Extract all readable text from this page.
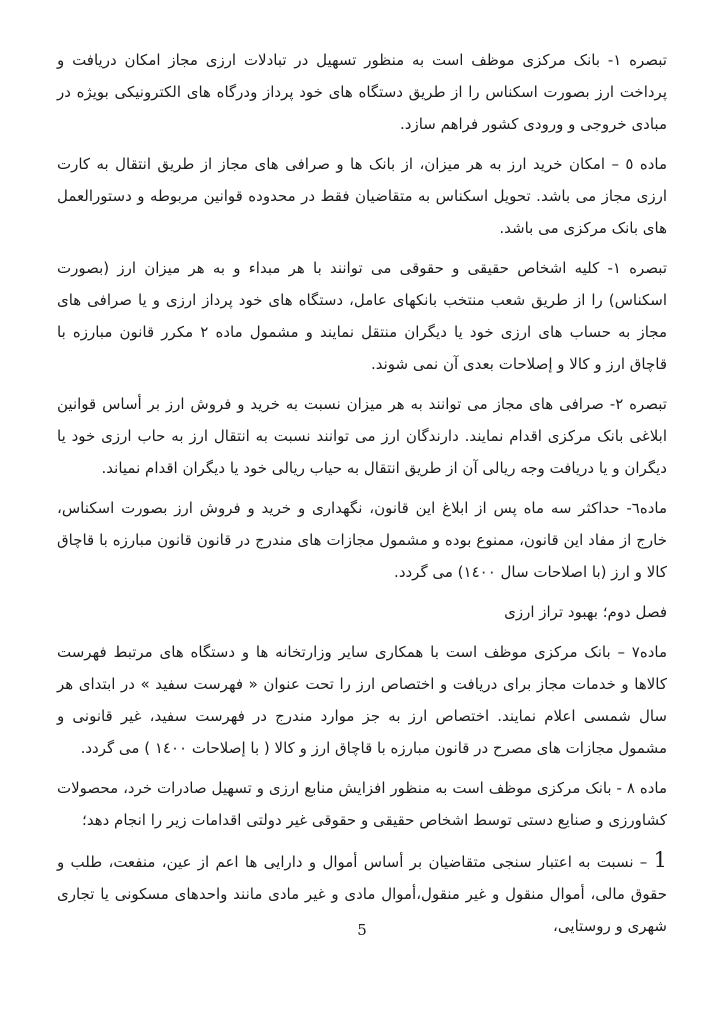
تبصره ١- بانک مرکزی موظف است به منظور تسهیل در تبادلات ارزی مجاز امکان دریافت و پرداخت ارز بصورت اسکناس را از طریق دستگاه های خود پرداز ودرگاه های الکترونیکی بویژه در مبادی خروجی و ورودی کشور فراهم سازد.

ماده ٥ – امکان خرید ارز به هر میزان، از بانک ها و صرافی های مجاز از طریق انتقال به کارت ارزی مجاز می باشد. تحویل اسکناس به متقاضیان فقط در محدوده قوانین مربوطه و دستورالعمل های بانک مرکزی می باشد.

تبصره ١- کلیه اشخاص حقیقی و حقوقی می توانند با هر مبداء و به هر میزان ارز (بصورت اسکناس) را از طریق شعب منتخب بانکهای عامل، دستگاه های خود پرداز ارزی و یا صرافی های مجاز به حساب های ارزی خود یا دیگران منتقل نمایند و مشمول ماده ٢ مکرر قانون مبارزه با قاچاق ارز و کالا و إصلاحات بعدی آن نمی شوند.

تبصره ٢- صرافی های مجاز می توانند به هر میزان نسبت به خرید و فروش ارز بر أساس قوانین ابلاغی بانک مرکزی اقدام نمایند. دارندگان ارز می توانند نسبت به انتقال ارز به حاب ارزی خود یا دیگران و یا دریافت وجه ریالی آن از طریق انتقال به حیاب ریالی خود یا دیگران اقدام نمیاند.

ماده٦- حداکثر سه ماه پس از ابلاغ این قانون، نگهداری و خرید و فروش ارز بصورت اسکناس، خارج از مفاد این قانون، ممنوع بوده و مشمول مجازات های مندرج در قانون قانون مبارزه با قاچاق کالا و ارز (با اصلاحات سال ١٤٠٠) می گردد.

فصل دوم؛ بهبود تراز ارزی

ماده٧ – بانک مرکزی موظف است با همکاری سایر وزارتخانه ها و دستگاه های مرتبط فهرست کالاها و خدمات مجاز برای دریافت و اختصاص ارز را تحت عنوان « فهرست سفید » در ابتدای هر سال شمسی اعلام نمایند. اختصاص ارز به جز موارد مندرج در فهرست سفید، غیر قانونی و مشمول مجازات های مصرح در قانون مبارزه با قاچاق ارز و کالا ( با إصلاحات ١٤٠٠ ) می گردد.

ماده ٨ - بانک مرکزی موظف است به منظور افزایش منابع ارزی و تسهیل صادرات خرد، محصولات کشاورزی و صنایع دستی توسط اشخاص حقیقی و حقوقی غیر دولتی اقدامات زیر را انجام دهد؛

1 – نسبت به اعتبار سنجی متقاضیان بر أساس أموال و دارایی ها اعم از عین، منفعت، طلب و حقوق مالی، أموال منقول و غیر منقول،أموال مادی و غیر مادی مانند واحدهای مسکونی یا تجاری شهری و روستایی،

5
